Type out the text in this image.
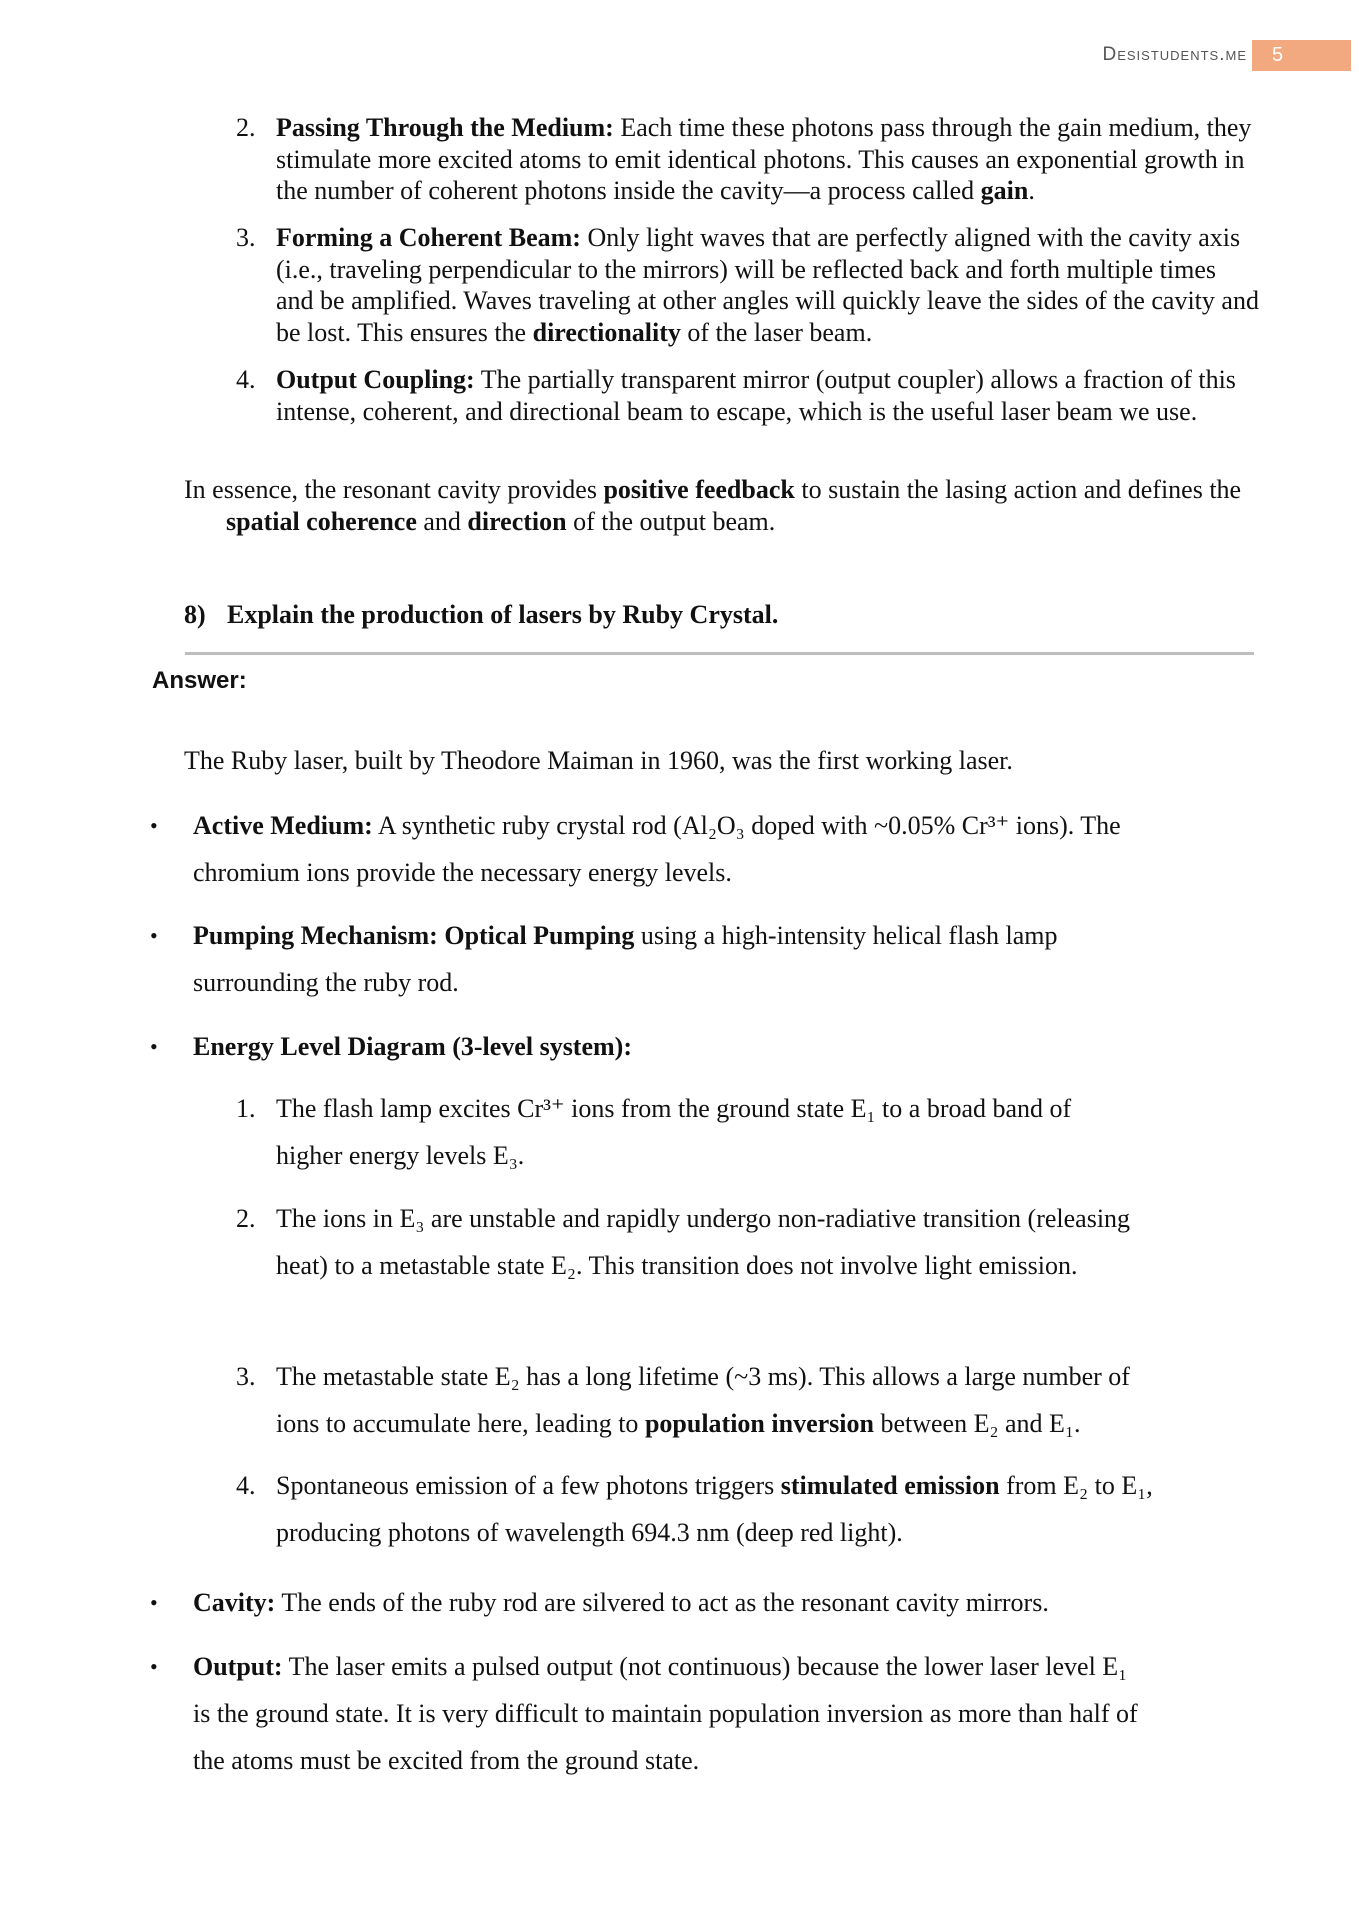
Desistudents.me	5
2. Passing Through the Medium: Each time these photons pass through the gain medium, they stimulate more excited atoms to emit identical photons. This causes an exponential growth in the number of coherent photons inside the cavity—a process called gain.
3. Forming a Coherent Beam: Only light waves that are perfectly aligned with the cavity axis (i.e., traveling perpendicular to the mirrors) will be reflected back and forth multiple times and be amplified. Waves traveling at other angles will quickly leave the sides of the cavity and be lost. This ensures the directionality of the laser beam.
4. Output Coupling: The partially transparent mirror (output coupler) allows a fraction of this intense, coherent, and directional beam to escape, which is the useful laser beam we use.
In essence, the resonant cavity provides positive feedback to sustain the lasing action and defines the spatial coherence and direction of the output beam.
8) Explain the production of lasers by Ruby Crystal.
Answer:
The Ruby laser, built by Theodore Maiman in 1960, was the first working laser.
• Active Medium: A synthetic ruby crystal rod (Al₂O₃ doped with ~0.05% Cr³⁺ ions). The chromium ions provide the necessary energy levels.
• Pumping Mechanism: Optical Pumping using a high-intensity helical flash lamp surrounding the ruby rod.
• Energy Level Diagram (3-level system):
1. The flash lamp excites Cr³⁺ ions from the ground state E₁ to a broad band of higher energy levels E₃.
2. The ions in E₃ are unstable and rapidly undergo non-radiative transition (releasing heat) to a metastable state E₂. This transition does not involve light emission.
3. The metastable state E₂ has a long lifetime (~3 ms). This allows a large number of ions to accumulate here, leading to population inversion between E₂ and E₁.
4. Spontaneous emission of a few photons triggers stimulated emission from E₂ to E₁, producing photons of wavelength 694.3 nm (deep red light).
• Cavity: The ends of the ruby rod are silvered to act as the resonant cavity mirrors.
• Output: The laser emits a pulsed output (not continuous) because the lower laser level E₁ is the ground state. It is very difficult to maintain population inversion as more than half of the atoms must be excited from the ground state.
